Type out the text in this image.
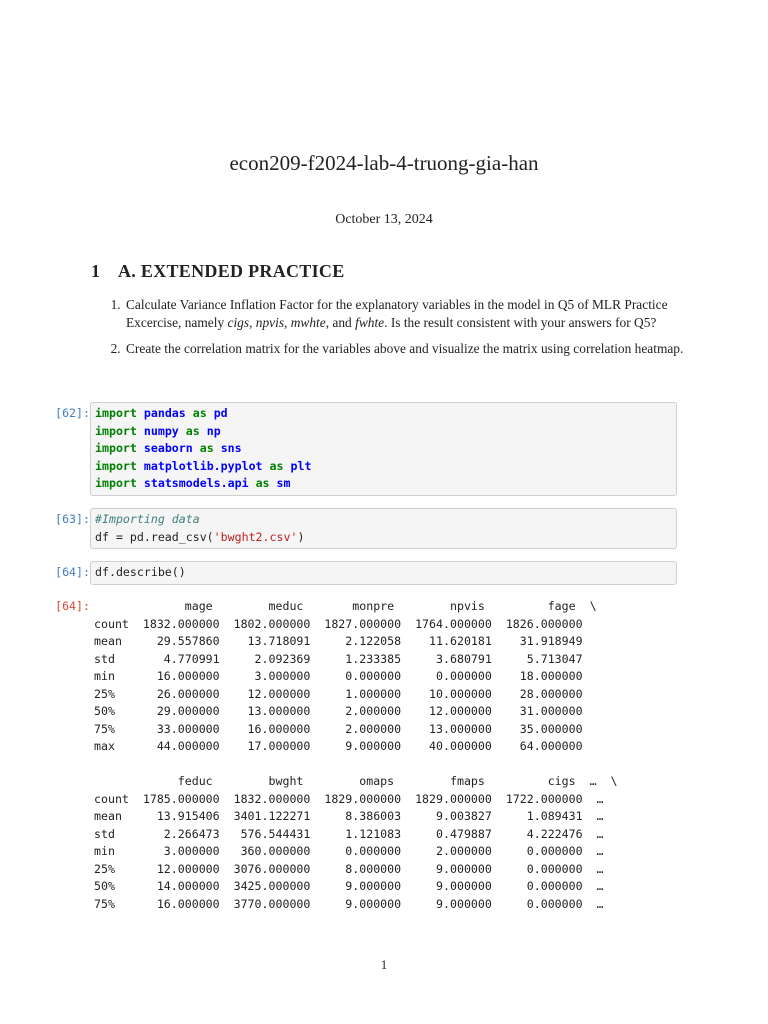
econ209-f2024-lab-4-truong-gia-han
October 13, 2024
1 A. EXTENDED PRACTICE
1. Calculate Variance Inflation Factor for the explanatory variables in the model in Q5 of MLR Practice Excercise, namely cigs, npvis, mwhte, and fwhte. Is the result consistent with your answers for Q5?
2. Create the correlation matrix for the variables above and visualize the matrix using correlation heatmap.
[62]: import pandas as pd
import numpy as np
import seaborn as sns
import matplotlib.pyplot as plt
import statsmodels.api as sm
[63]: #Importing data
df = pd.read_csv('bwght2.csv')
[64]: df.describe()
[64]:	mage        meduc       monpre        npvis         fage  \
count  1832.000000  1802.000000  1827.000000  1764.000000  1826.000000
mean     29.557860    13.718091     2.122058    11.620181    31.918949
std       4.770991     2.092369     1.233385     3.680791     5.713047
min      16.000000     3.000000     0.000000     0.000000    18.000000
25%      26.000000    12.000000     1.000000    10.000000    28.000000
50%      29.000000    13.000000     2.000000    12.000000    31.000000
75%      33.000000    16.000000     2.000000    13.000000    35.000000
max      44.000000    17.000000     9.000000    40.000000    64.000000

feduc        bwght        omaps        fmaps         cigs  …  \
count  1785.000000  1832.000000  1829.000000  1829.000000  1722.000000  …
mean     13.915406  3401.122271     8.386003     9.003827     1.089431  …
std       2.266473   576.544431     1.121083     0.479887     4.222476  …
min       3.000000   360.000000     0.000000     2.000000     0.000000  …
25%      12.000000  3076.000000     8.000000     9.000000     0.000000  …
50%      14.000000  3425.000000     9.000000     9.000000     0.000000  …
75%      16.000000  3770.000000     9.000000     9.000000     0.000000  …
1
